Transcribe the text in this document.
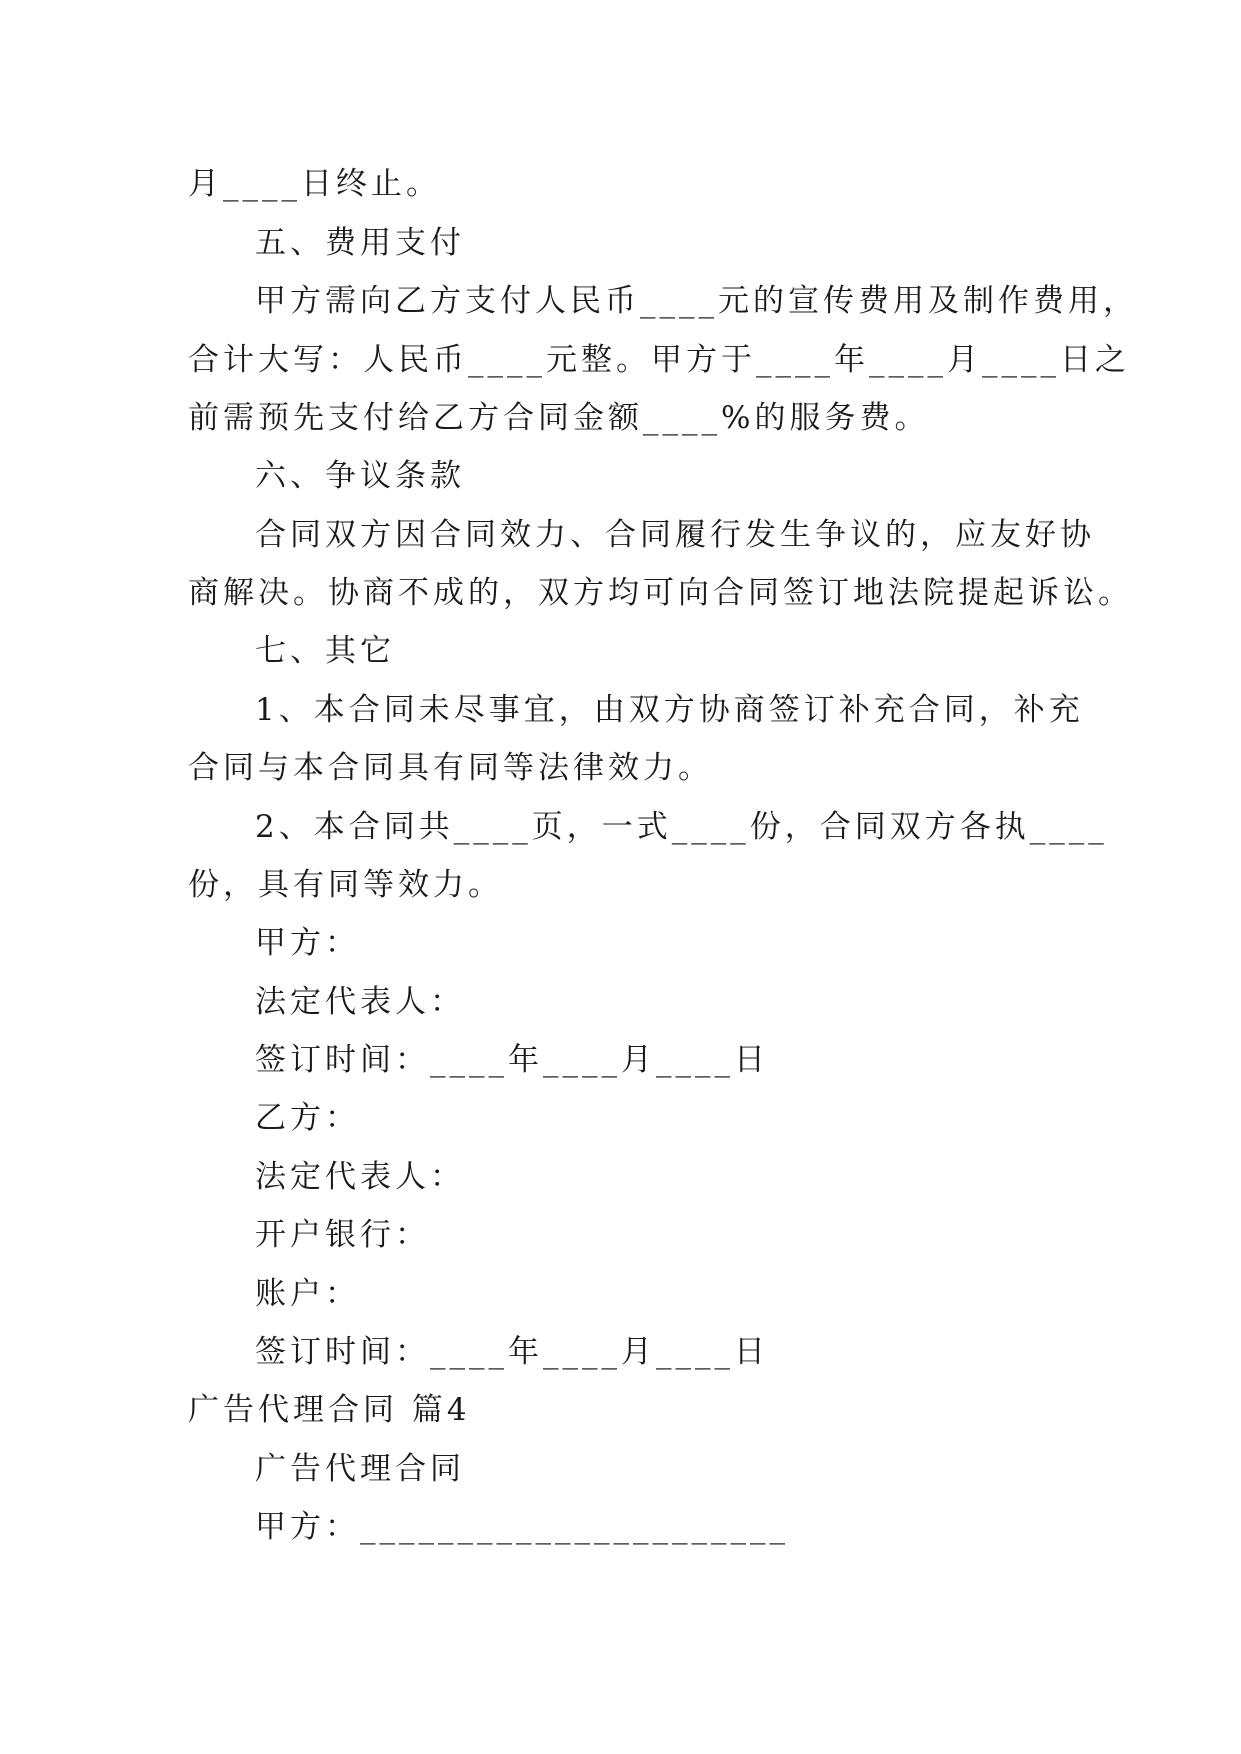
月____日终止。
五、费用支付
甲方需向乙方支付人民币____元的宣传费用及制作费用，
合计大写：人民币____元整。甲方于____年____月____日之
前需预先支付给乙方合同金额____%的服务费。
六、争议条款
合同双方因合同效力、合同履行发生争议的，应友好协
商解决。协商不成的，双方均可向合同签订地法院提起诉讼。
七、其它
1、本合同未尽事宜，由双方协商签订补充合同，补充
合同与本合同具有同等法律效力。
2、本合同共____页，一式____份，合同双方各执____
份，具有同等效力。
甲方：
法定代表人：
签订时间：____年____月____日
乙方：
法定代表人：
开户银行：
账户：
签订时间：____年____月____日
广告代理合同 篇4
广告代理合同
甲方：______________________
